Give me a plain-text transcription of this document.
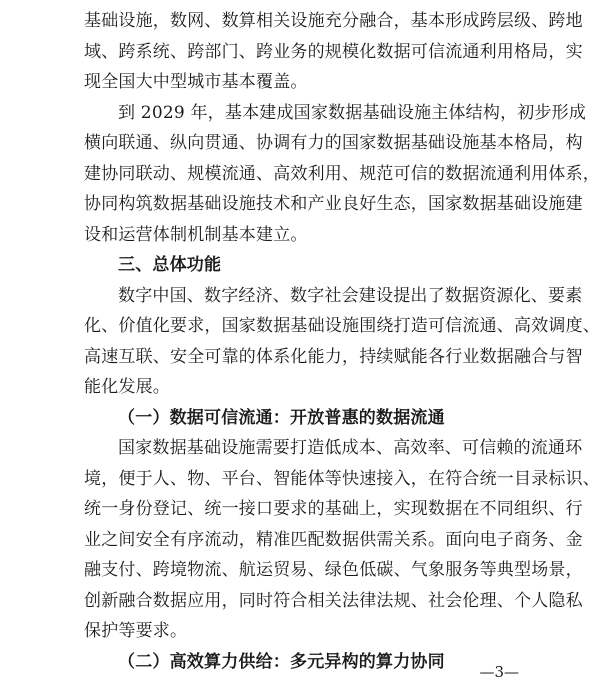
基础设施，数网、数算相关设施充分融合，基本形成跨层级、跨地
域、跨系统、跨部门、跨业务的规模化数据可信流通利用格局，实
现全国大中型城市基本覆盖。
到 2029 年，基本建成国家数据基础设施主体结构，初步形成
横向联通、纵向贯通、协调有力的国家数据基础设施基本格局，构
建协同联动、规模流通、高效利用、规范可信的数据流通利用体系，
协同构筑数据基础设施技术和产业良好生态，国家数据基础设施建
设和运营体制机制基本建立。
三、总体功能
数字中国、数字经济、数字社会建设提出了数据资源化、要素
化、价值化要求，国家数据基础设施围绕打造可信流通、高效调度、
高速互联、安全可靠的体系化能力，持续赋能各行业数据融合与智
能化发展。
（一）数据可信流通：开放普惠的数据流通
国家数据基础设施需要打造低成本、高效率、可信赖的流通环
境，便于人、物、平台、智能体等快速接入，在符合统一目录标识、
统一身份登记、统一接口要求的基础上，实现数据在不同组织、行
业之间安全有序流动，精准匹配数据供需关系。面向电子商务、金
融支付、跨境物流、航运贸易、绿色低碳、气象服务等典型场景，
创新融合数据应用，同时符合相关法律法规、社会伦理、个人隐私
保护等要求。
（二）高效算力供给：多元异构的算力协同
—3—
